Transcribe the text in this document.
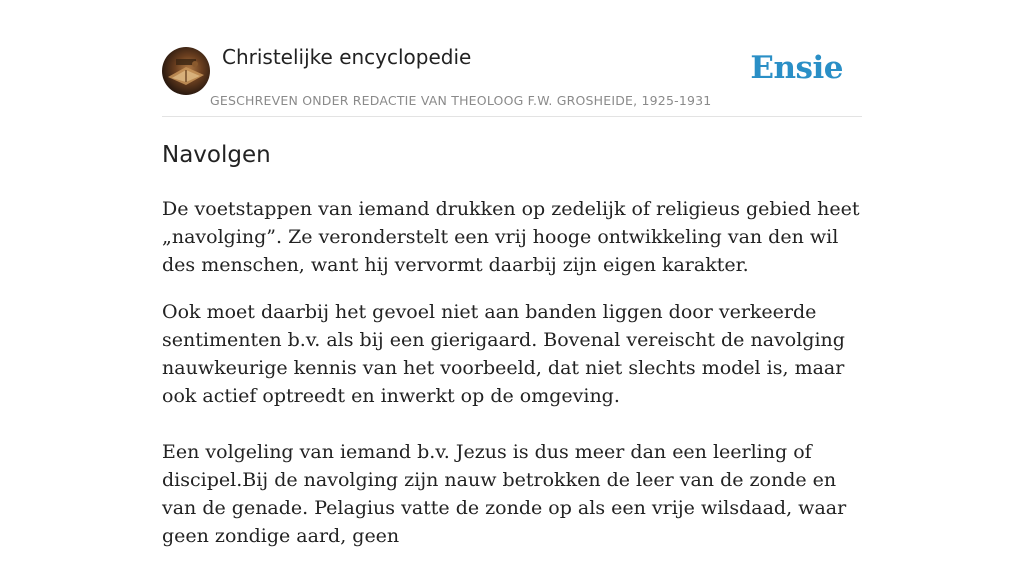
Christelijke encyclopedie
GESCHREVEN ONDER REDACTIE VAN THEOLOOG F.W. GROSHEIDE, 1925-1931
Ensie
Navolgen

De voetstappen van iemand drukken op zedelijk of religieus gebied heet „navolging”. Ze veronderstelt een vrij hooge ontwikkeling van den wil des menschen, want hij vervormt daarbij zijn eigen karakter.

Ook moet daarbij het gevoel niet aan banden liggen door verkeerde sentimenten b.v. als bij een gierigaard. Bovenal vereischt de navolging nauwkeurige kennis van het voorbeeld, dat niet slechts model is, maar ook actief optreedt en inwerkt op de omgeving.

Een volgeling van iemand b.v. Jezus is dus meer dan een leerling of discipel.Bij de navolging zijn nauw betrokken de leer van de zonde en van de genade. Pelagius vatte de zonde op als een vrije wilsdaad, waar geen zondige aard, geen
